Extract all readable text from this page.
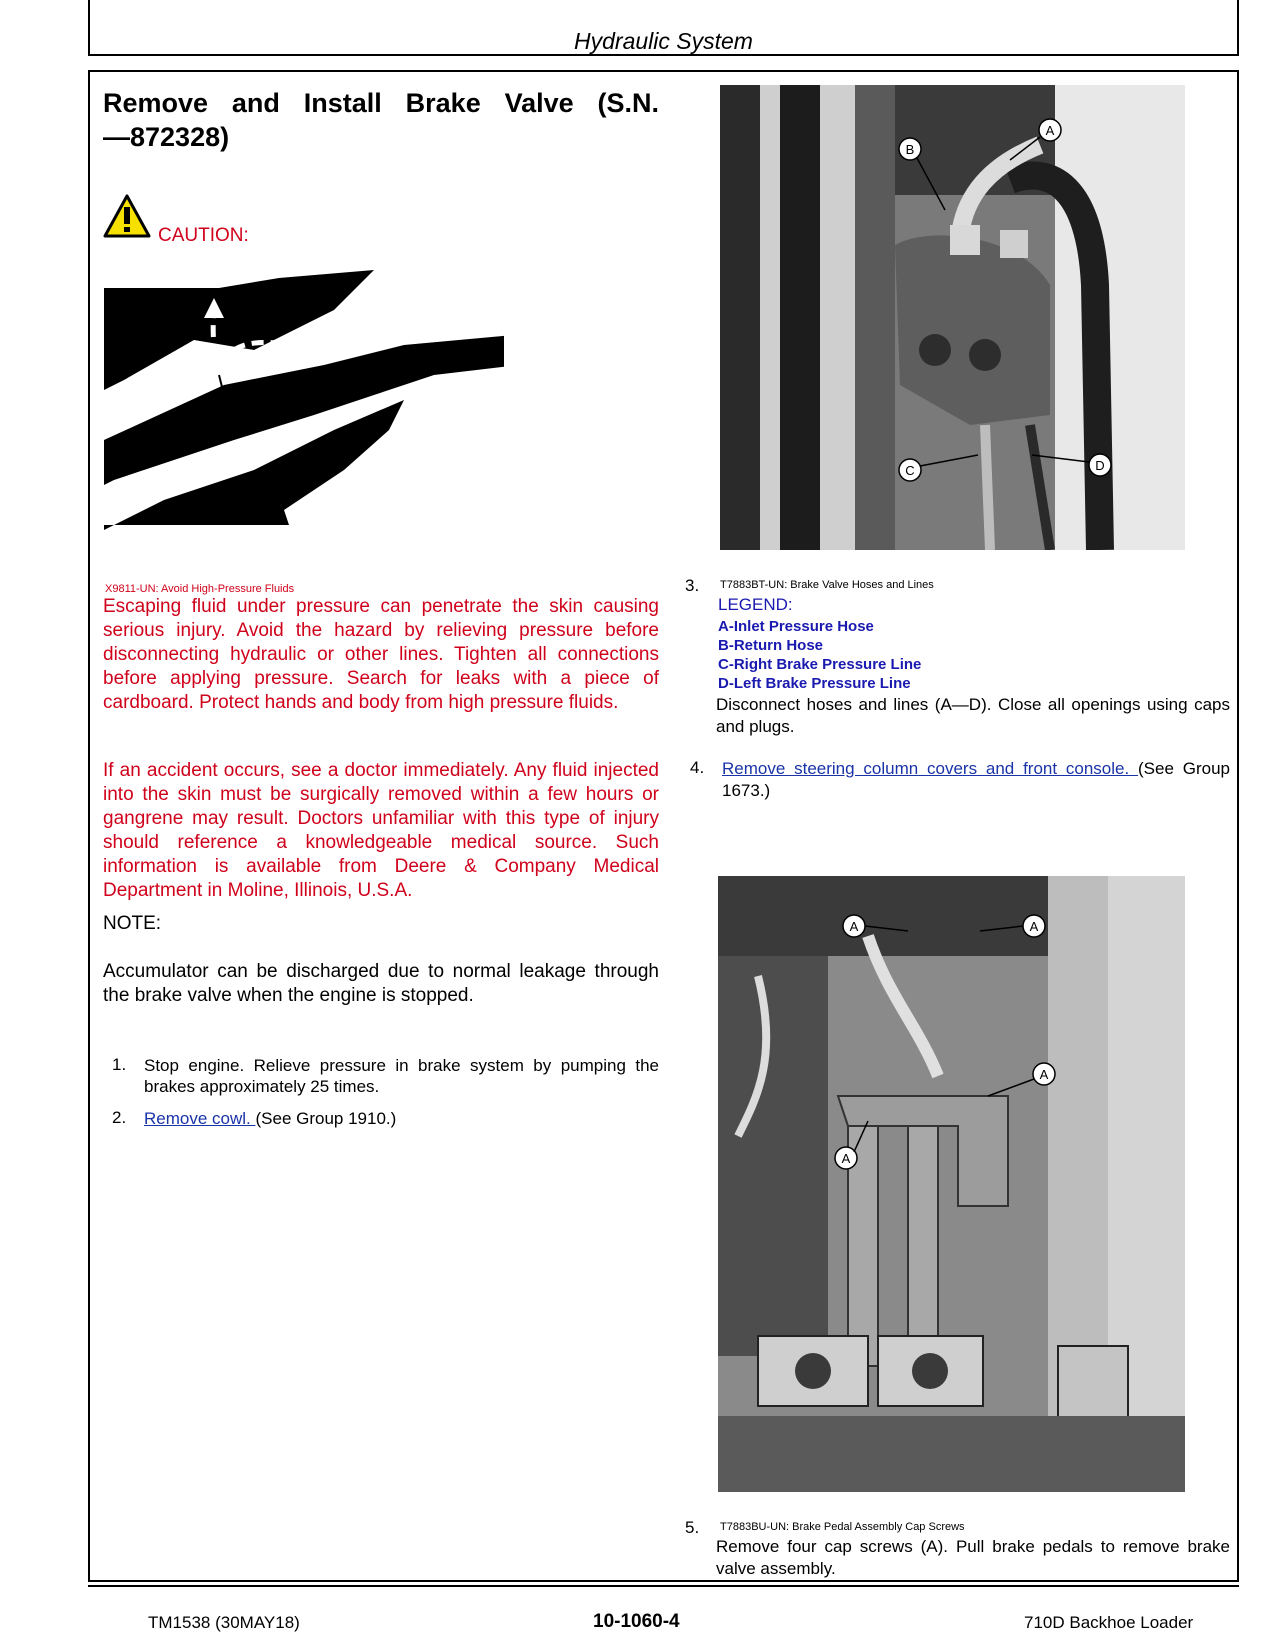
Hydraulic System
Remove and Install Brake Valve (S.N.
—872328)
CAUTION:
X9811-UN: Avoid High-Pressure Fluids
Escaping fluid under pressure can penetrate the skin causing serious injury. Avoid the hazard by relieving pressure before disconnecting hydraulic or other lines. Tighten all connections before applying pressure. Search for leaks with a piece of cardboard. Protect hands and body from high pressure fluids.
If an accident occurs, see a doctor immediately. Any fluid injected into the skin must be surgically removed within a few hours or gangrene may result. Doctors unfamiliar with this type of injury should reference a knowledgeable medical source. Such information is available from Deere & Company Medical Department in Moline, Illinois, U.S.A.
NOTE:
Accumulator can be discharged due to normal leakage through the brake valve when the engine is stopped.
1. Stop engine. Relieve pressure in brake system by pumping the brakes approximately 25 times.
2. Remove cowl. (See Group 1910.)
A
B
C	D
3. T7883BT-UN: Brake Valve Hoses and Lines
LEGEND:
A-Inlet Pressure Hose
B-Return Hose
C-Right Brake Pressure Line
D-Left Brake Pressure Line
Disconnect hoses and lines (A—D). Close all openings using caps and plugs.
4. Remove steering column covers and front console. (See Group 1673.)
A	A
A
A
5. T7883BU-UN: Brake Pedal Assembly Cap Screws
Remove four cap screws (A). Pull brake pedals to remove brake valve assembly.
TM1538 (30MAY18)	10-1060-4	710D Backhoe Loader
